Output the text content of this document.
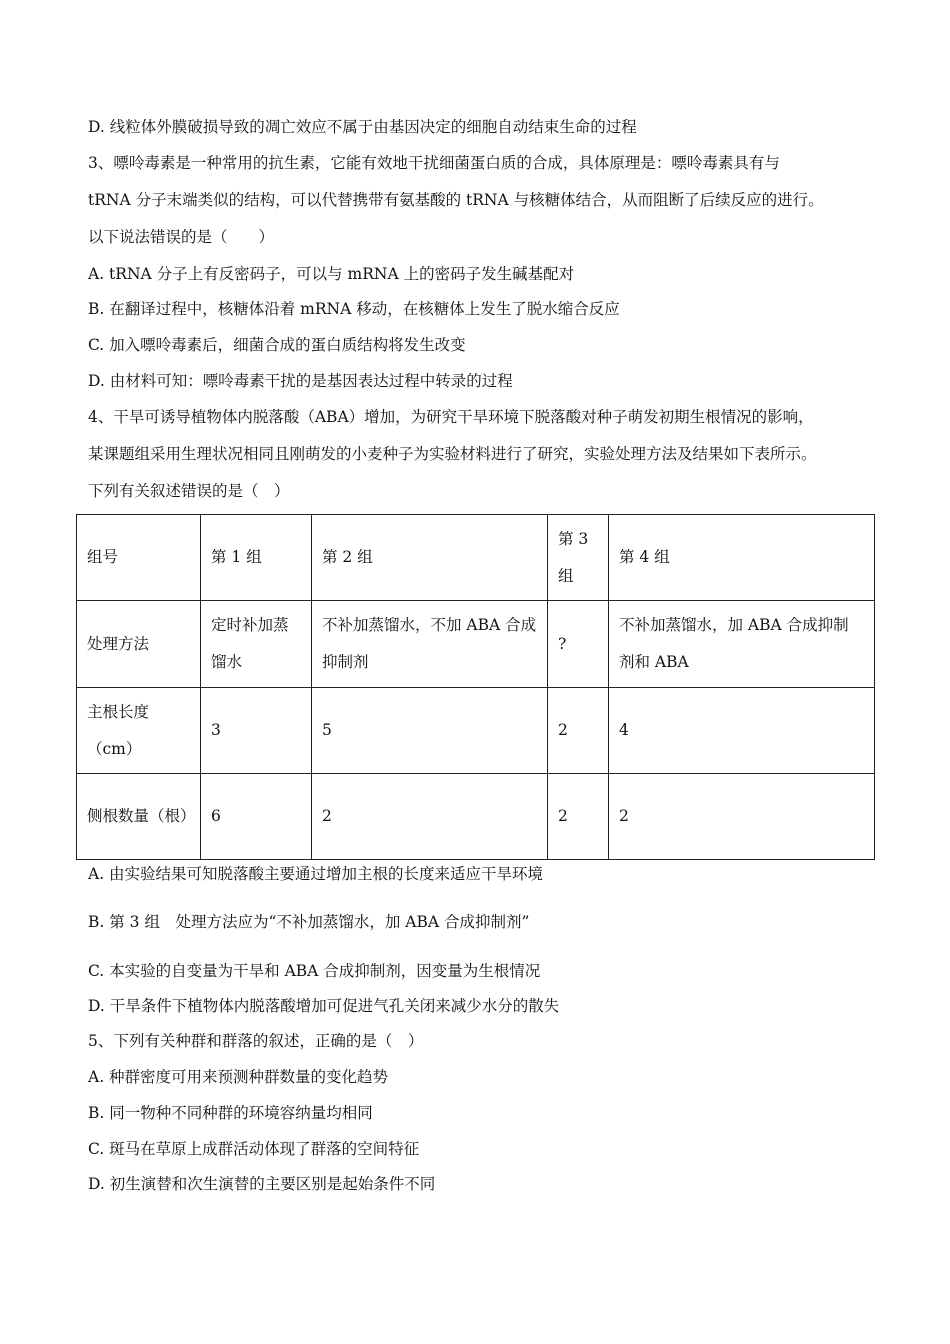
D. 线粒体外膜破损导致的凋亡效应不属于由基因决定的细胞自动结束生命的过程
3、嘌呤毒素是一种常用的抗生素，它能有效地干扰细菌蛋白质的合成，具体原理是：嘌呤毒素具有与
tRNA 分子末端类似的结构，可以代替携带有氨基酸的 tRNA 与核糖体结合，从而阻断了后续反应的进行。
以下说法错误的是（　　）
A. tRNA 分子上有反密码子，可以与 mRNA 上的密码子发生碱基配对
B. 在翻译过程中，核糖体沿着 mRNA 移动，在核糖体上发生了脱水缩合反应
C. 加入嘌呤毒素后，细菌合成的蛋白质结构将发生改变
D. 由材料可知：嘌呤毒素干扰的是基因表达过程中转录的过程
4、干旱可诱导植物体内脱落酸（ABA）增加，为研究干旱环境下脱落酸对种子萌发初期生根情况的影响，
某课题组采用生理状况相同且刚萌发的小麦种子为实验材料进行了研究，实验处理方法及结果如下表所示。
下列有关叙述错误的是（　）
组号	第 1 组	第 2 组	第 3 组	第 4 组
处理方法	定时补加蒸馏水	不补加蒸馏水，不加 ABA 合成抑制剂	?	不补加蒸馏水，加 ABA 合成抑制剂和 ABA
主根长度（cm）	3	5	2	4
侧根数量（根）	6	2	2	2
A. 由实验结果可知脱落酸主要通过增加主根的长度来适应干旱环境
B. 第 3 组　处理方法应为“不补加蒸馏水，加 ABA 合成抑制剂”
C. 本实验的自变量为干旱和 ABA 合成抑制剂，因变量为生根情况
D. 干旱条件下植物体内脱落酸增加可促进气孔关闭来减少水分的散失
5、下列有关种群和群落的叙述，正确的是（　）
A. 种群密度可用来预测种群数量的变化趋势
B. 同一物种不同种群的环境容纳量均相同
C. 斑马在草原上成群活动体现了群落的空间特征
D. 初生演替和次生演替的主要区别是起始条件不同
